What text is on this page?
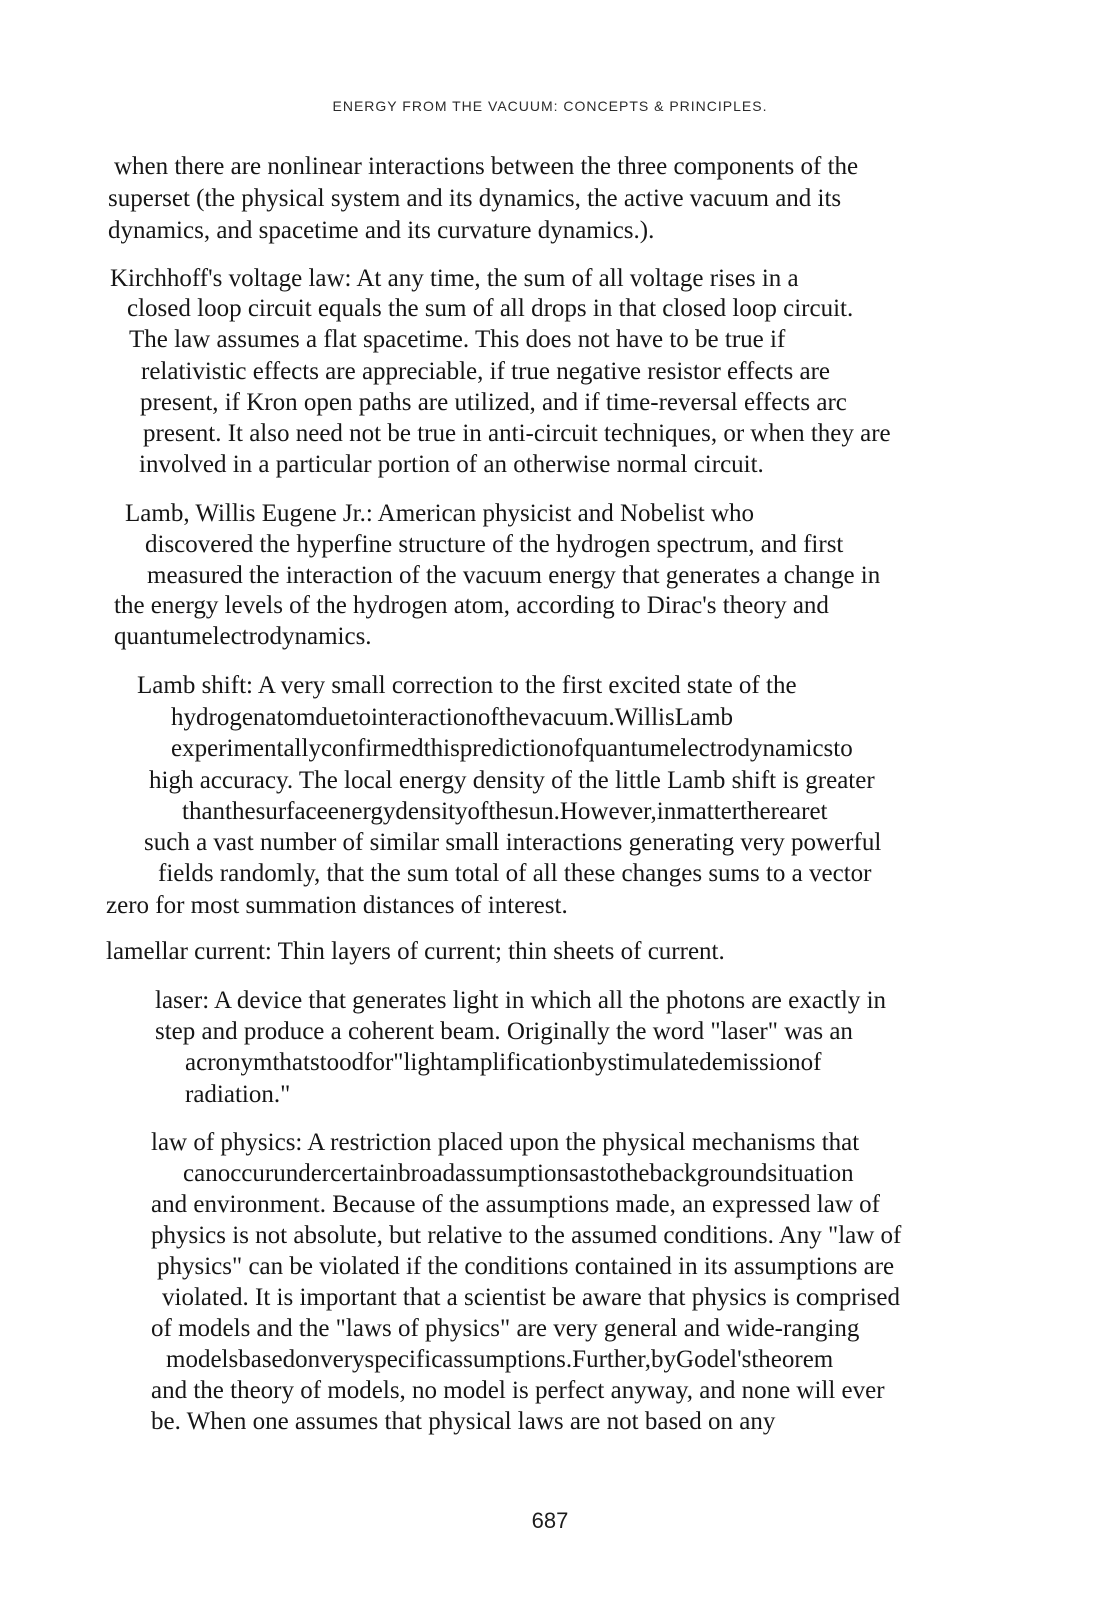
ENERGY FROM THE VACUUM: CONCEPTS & PRINCIPLES.
when there are nonlinear interactions between the three components of the
superset (the physical system and its dynamics, the active vacuum and its
dynamics, and spacetime and its curvature dynamics.).
Kirchhoff's voltage law: At any time, the sum of all voltage rises in a
closed loop circuit equals the sum of all drops in that closed loop circuit.
The law assumes a flat spacetime. This does not have to be true if
relativistic effects are appreciable, if true negative resistor effects are
present, if Kron open paths are utilized, and if time-reversal effects arc
present. It also need not be true in anti-circuit techniques, or when they are
involved in a particular portion of an otherwise normal circuit.
Lamb, Willis Eugene Jr.: American physicist and Nobelist who
discovered the hyperfine structure of the hydrogen spectrum, and first
measured the interaction of the vacuum energy that generates a change in
the energy levels of the hydrogen atom, according to Dirac's theory and
quantumelectrodynamics.
Lamb shift: A very small correction to the first excited state of the
hydrogenatomduetointeractionofthevacuum.WillisLamb
experimentallyconfirmedthispredictionofquantumelectrodynamicsto
high accuracy. The local energy density of the little Lamb shift is greater
thanthesurfaceenergydensityofthesun.However,inmattertherearet
such a vast number of similar small interactions generating very powerful
fields randomly, that the sum total of all these changes sums to a vector
zero for most summation distances of interest.
lamellar current: Thin layers of current; thin sheets of current.
laser: A device that generates light in which all the photons are exactly in
step and produce a coherent beam. Originally the word "laser" was an
acronymthatstoodfor"lightamplificationbystimulatedemissionof
radiation."
law of physics: A restriction placed upon the physical mechanisms that
canoccurundercertainbroadassumptionsastothebackgroundsituation
and environment. Because of the assumptions made, an expressed law of
physics is not absolute, but relative to the assumed conditions. Any "law of
physics" can be violated if the conditions contained in its assumptions are
violated. It is important that a scientist be aware that physics is comprised
of models and the "laws of physics" are very general and wide-ranging
modelsbasedonveryspecificassumptions.Further,byGodel'stheorem
and the theory of models, no model is perfect anyway, and none will ever
be. When one assumes that physical laws are not based on any
687
